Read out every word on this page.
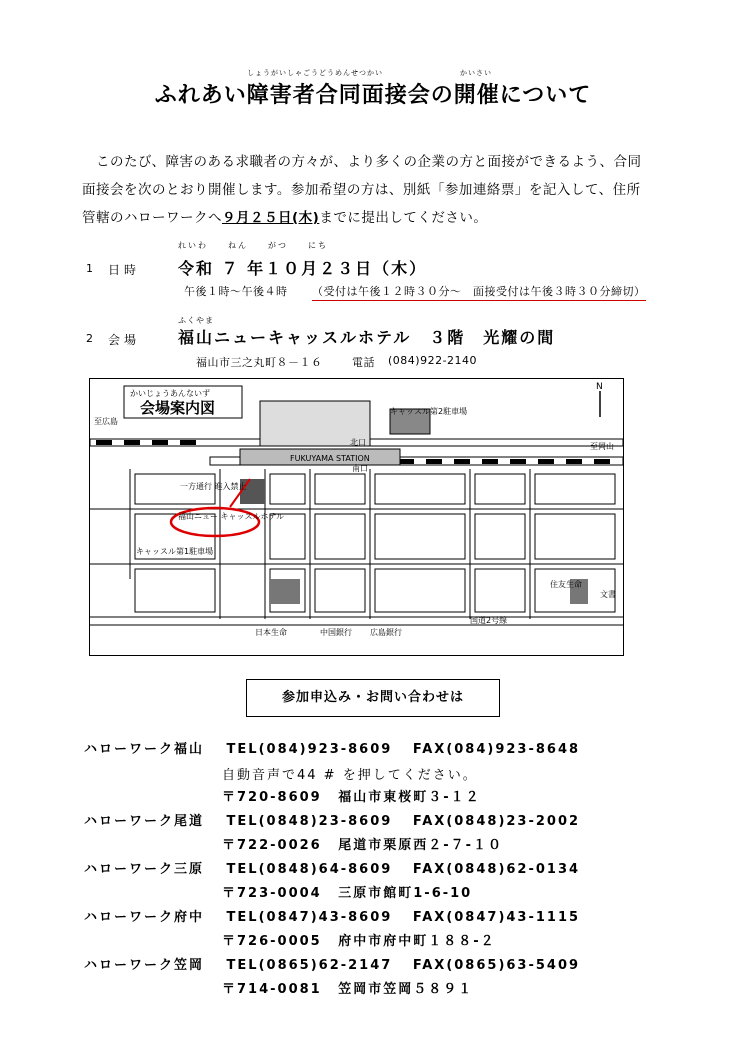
しょうがいしゃごうどうめんせつかい	かいさい
ふれあい障害者合同面接会の開催について
このたび、障害のある求職者の方々が、より多くの企業の方と面接ができるよう、合同
面接会を次のとおり開催します。参加希望の方は、別紙「参加連絡票」を記入して、住所
管轄のハローワークへ９月２５日(木)までに提出してください。
れいわ　　ねん　　がつ　　にち
1 日時 令和 ７ 年１０月２３日（木）
午後１時～午後４時 （受付は午後１２時３０分～　面接受付は午後３時３０分締切）
ふくやま
2 会場 福山ニューキャッスルホテル　３階　光耀の間
福山市三之丸町８－１６	電話 (084)922-2140
かいじょうあんないず
会場案内図
N
FUKUYAMA STATION
キャッスル第2駐車場
至広島
至岡山
北口
南口
福山ニュー キャッスルホテル
一方通行 進入禁止
キャッスル第1駐車場
住友生命
文書
国道2号線
日本生命	中国銀行 広島銀行
参加申込み・お問い合わせは
ハローワーク福山 TEL(084)923-8609 FAX(084)923-8648
自動音声で44 # を押してください。
〒720-8609 福山市東桜町３-１２
ハローワーク尾道 TEL(0848)23-8609 FAX(0848)23-2002
〒722-0026 尾道市栗原西２-７-１０
ハローワーク三原 TEL(0848)64-8609 FAX(0848)62-0134
〒723-0004 三原市館町1-6-10
ハローワーク府中 TEL(0847)43-8609 FAX(0847)43-1115
〒726-0005 府中市府中町１８８-２
ハローワーク笠岡 TEL(0865)62-2147 FAX(0865)63-5409
〒714-0081 笠岡市笠岡５８９１
